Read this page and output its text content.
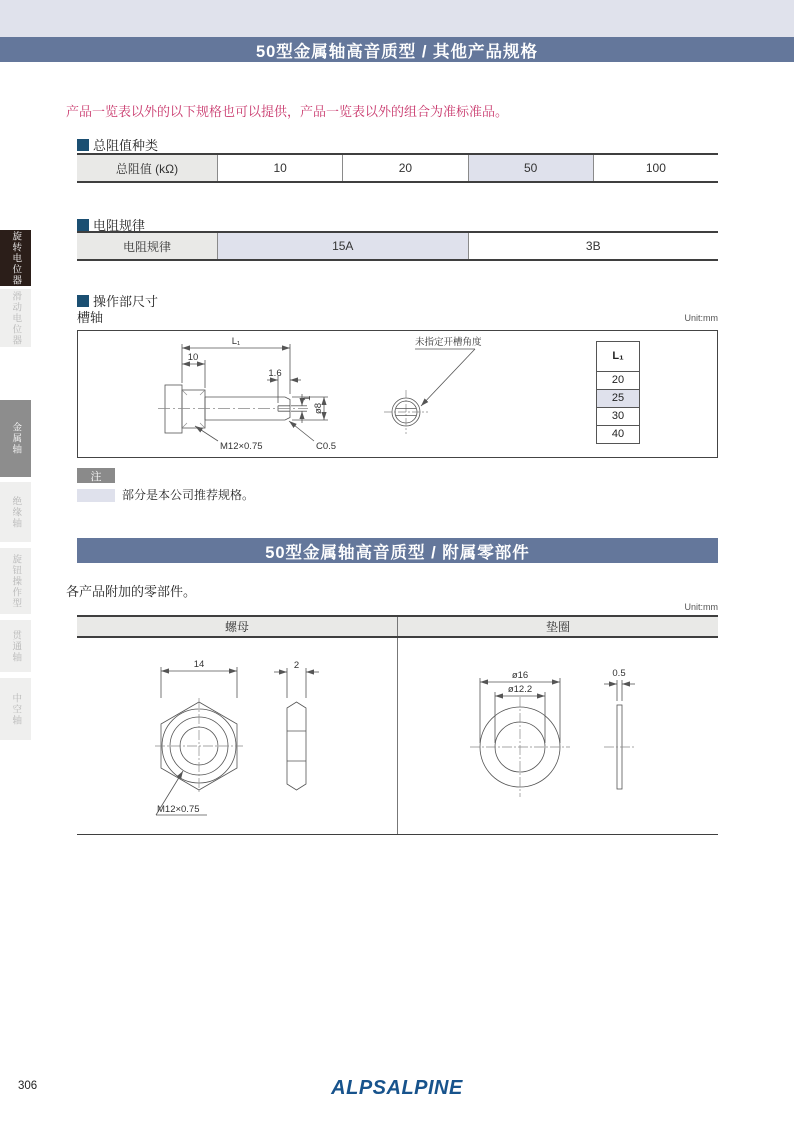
50型金属轴高音质型 / 其他产品规格
旋转电位器
滑动电位器
金属轴
绝缘轴
旋钮操作型
贯通轴
中空轴
产品一览表以外的以下规格也可以提供，产品一览表以外的组合为准标准品。
总阻值种类
总阻值 (kΩ)	10	20	50	100
电阻规律
电阻规律	15A	3B
操作部尺寸
槽轴	Unit:mm
L₁
10
1.6
1
ø8
M12×0.75	C0.5
未指定开槽角度
L₁
20
25
30
40
注
部分是本公司推荐规格。
50型金属轴高音质型 / 附属零部件
各产品附加的零部件。
Unit:mm
螺母	垫圈
14	2
M12×0.75
ø16
ø12.2
0.5
306	ALPSALPINE
